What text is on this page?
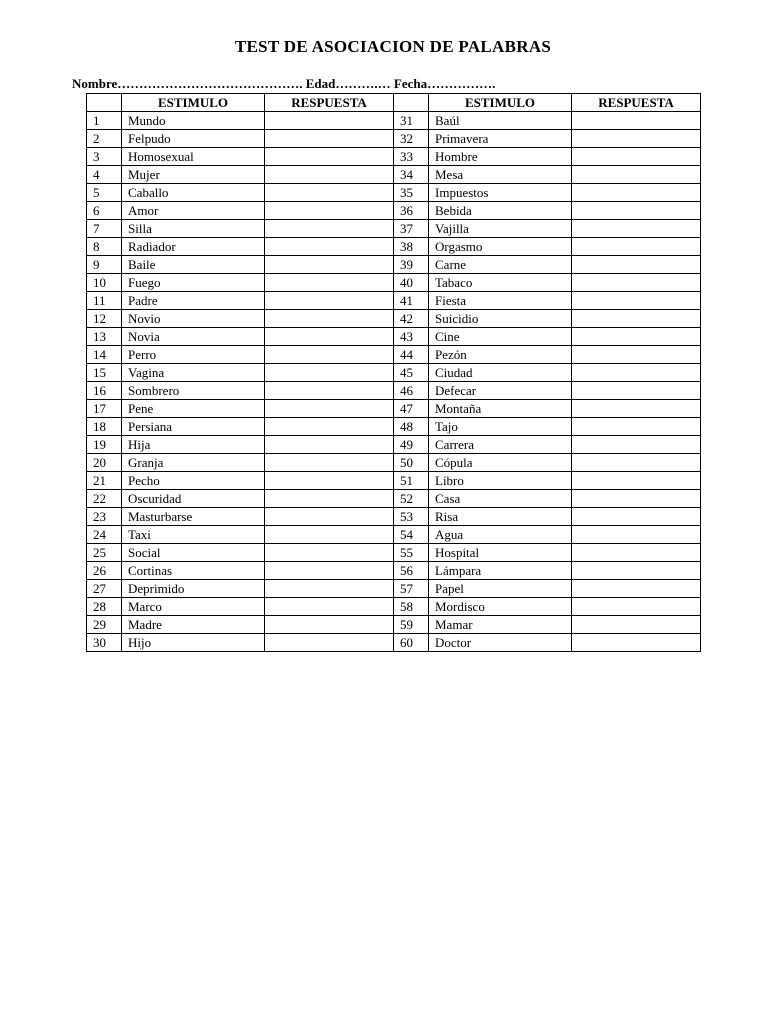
TEST DE ASOCIACION DE PALABRAS
Nombre……………………………………. Edad……….… Fecha…………….
	ESTIMULO	RESPUESTA		ESTIMULO	RESPUESTA
1	Mundo		31	Baúl	
2	Felpudo		32	Primavera	
3	Homosexual		33	Hombre	
4	Mujer		34	Mesa	
5	Caballo		35	Impuestos	
6	Amor		36	Bebida	
7	Silla		37	Vajilla	
8	Radiador		38	Orgasmo	
9	Baile		39	Carne	
10	Fuego		40	Tabaco	
11	Padre		41	Fiesta	
12	Novio		42	Suicidio	
13	Novia		43	Cine	
14	Perro		44	Pezón	
15	Vagina		45	Ciudad	
16	Sombrero		46	Defecar	
17	Pene		47	Montaña	
18	Persiana		48	Tajo	
19	Hija		49	Carrera	
20	Granja		50	Cópula	
21	Pecho		51	Libro	
22	Oscuridad		52	Casa	
23	Masturbarse		53	Risa	
24	Taxi		54	Agua	
25	Social		55	Hospital	
26	Cortinas		56	Lámpara	
27	Deprimido		57	Papel	
28	Marco		58	Mordisco	
29	Madre		59	Mamar	
30	Hijo		60	Doctor	
